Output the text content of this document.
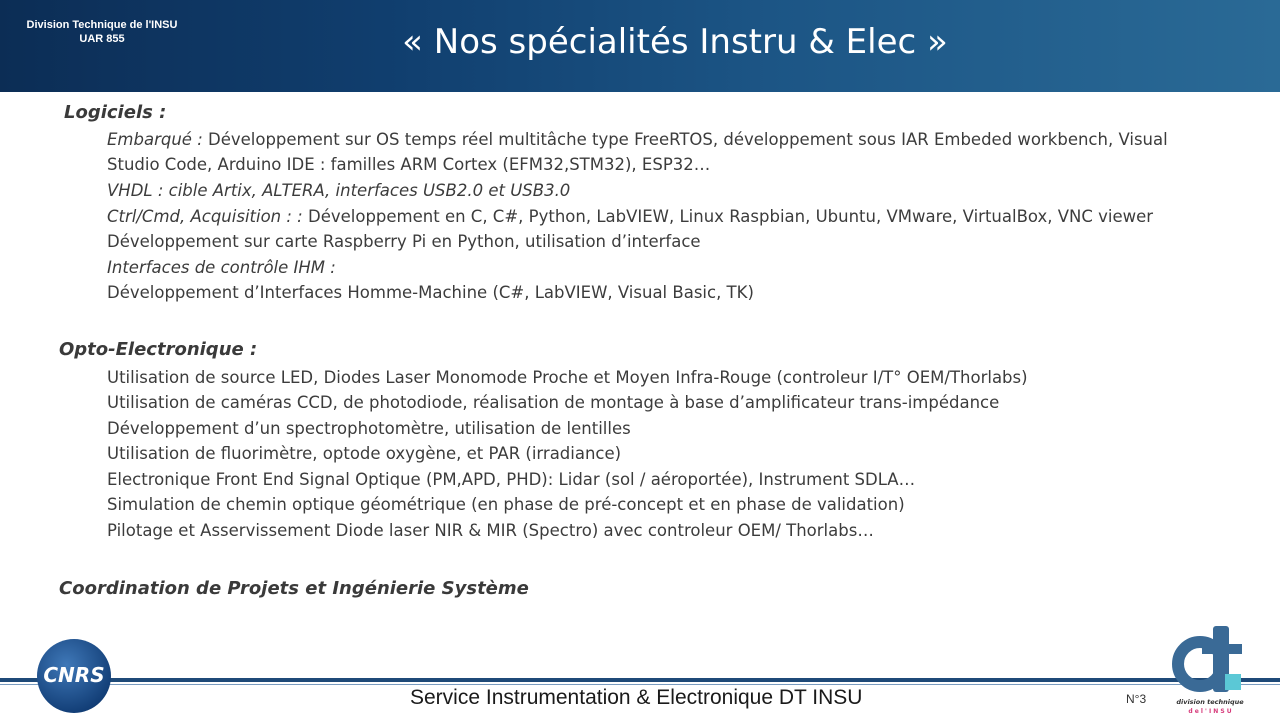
Division Technique de l'INSU
UAR 855	« Nos spécialités Instru & Elec »
Logiciels :
Embarqué : Développement sur OS temps réel multitâche type FreeRTOS, développement sous IAR Embeded workbench, Visual
Studio Code, Arduino IDE : familles ARM Cortex (EFM32,STM32), ESP32…
VHDL : cible Artix, ALTERA, interfaces USB2.0 et USB3.0
Ctrl/Cmd, Acquisition : : Développement en C, C#, Python, LabVIEW, Linux Raspbian, Ubuntu, VMware, VirtualBox, VNC viewer
Développement sur carte Raspberry Pi en Python, utilisation d’interface
Interfaces de contrôle IHM :
Développement d’Interfaces Homme-Machine (C#, LabVIEW, Visual Basic, TK)
Opto-Electronique :
Utilisation de source LED, Diodes Laser Monomode Proche et Moyen Infra-Rouge (controleur I/T° OEM/Thorlabs)
Utilisation de caméras CCD, de photodiode, réalisation de montage à base d’amplificateur trans-impédance
Développement d’un spectrophotomètre, utilisation de lentilles
Utilisation de fluorimètre, optode oxygène, et PAR (irradiance)
Electronique Front End Signal Optique (PM,APD, PHD): Lidar (sol / aéroportée), Instrument SDLA…
Simulation de chemin optique géométrique (en phase de pré-concept et en phase de validation)
Pilotage et Asservissement Diode laser NIR & MIR (Spectro) avec controleur OEM/ Thorlabs…
Coordination de Projets et Ingénierie Système
CNRS
Service Instrumentation & Electronique DT INSU	N°3	division technique
d e l ' I N S U
